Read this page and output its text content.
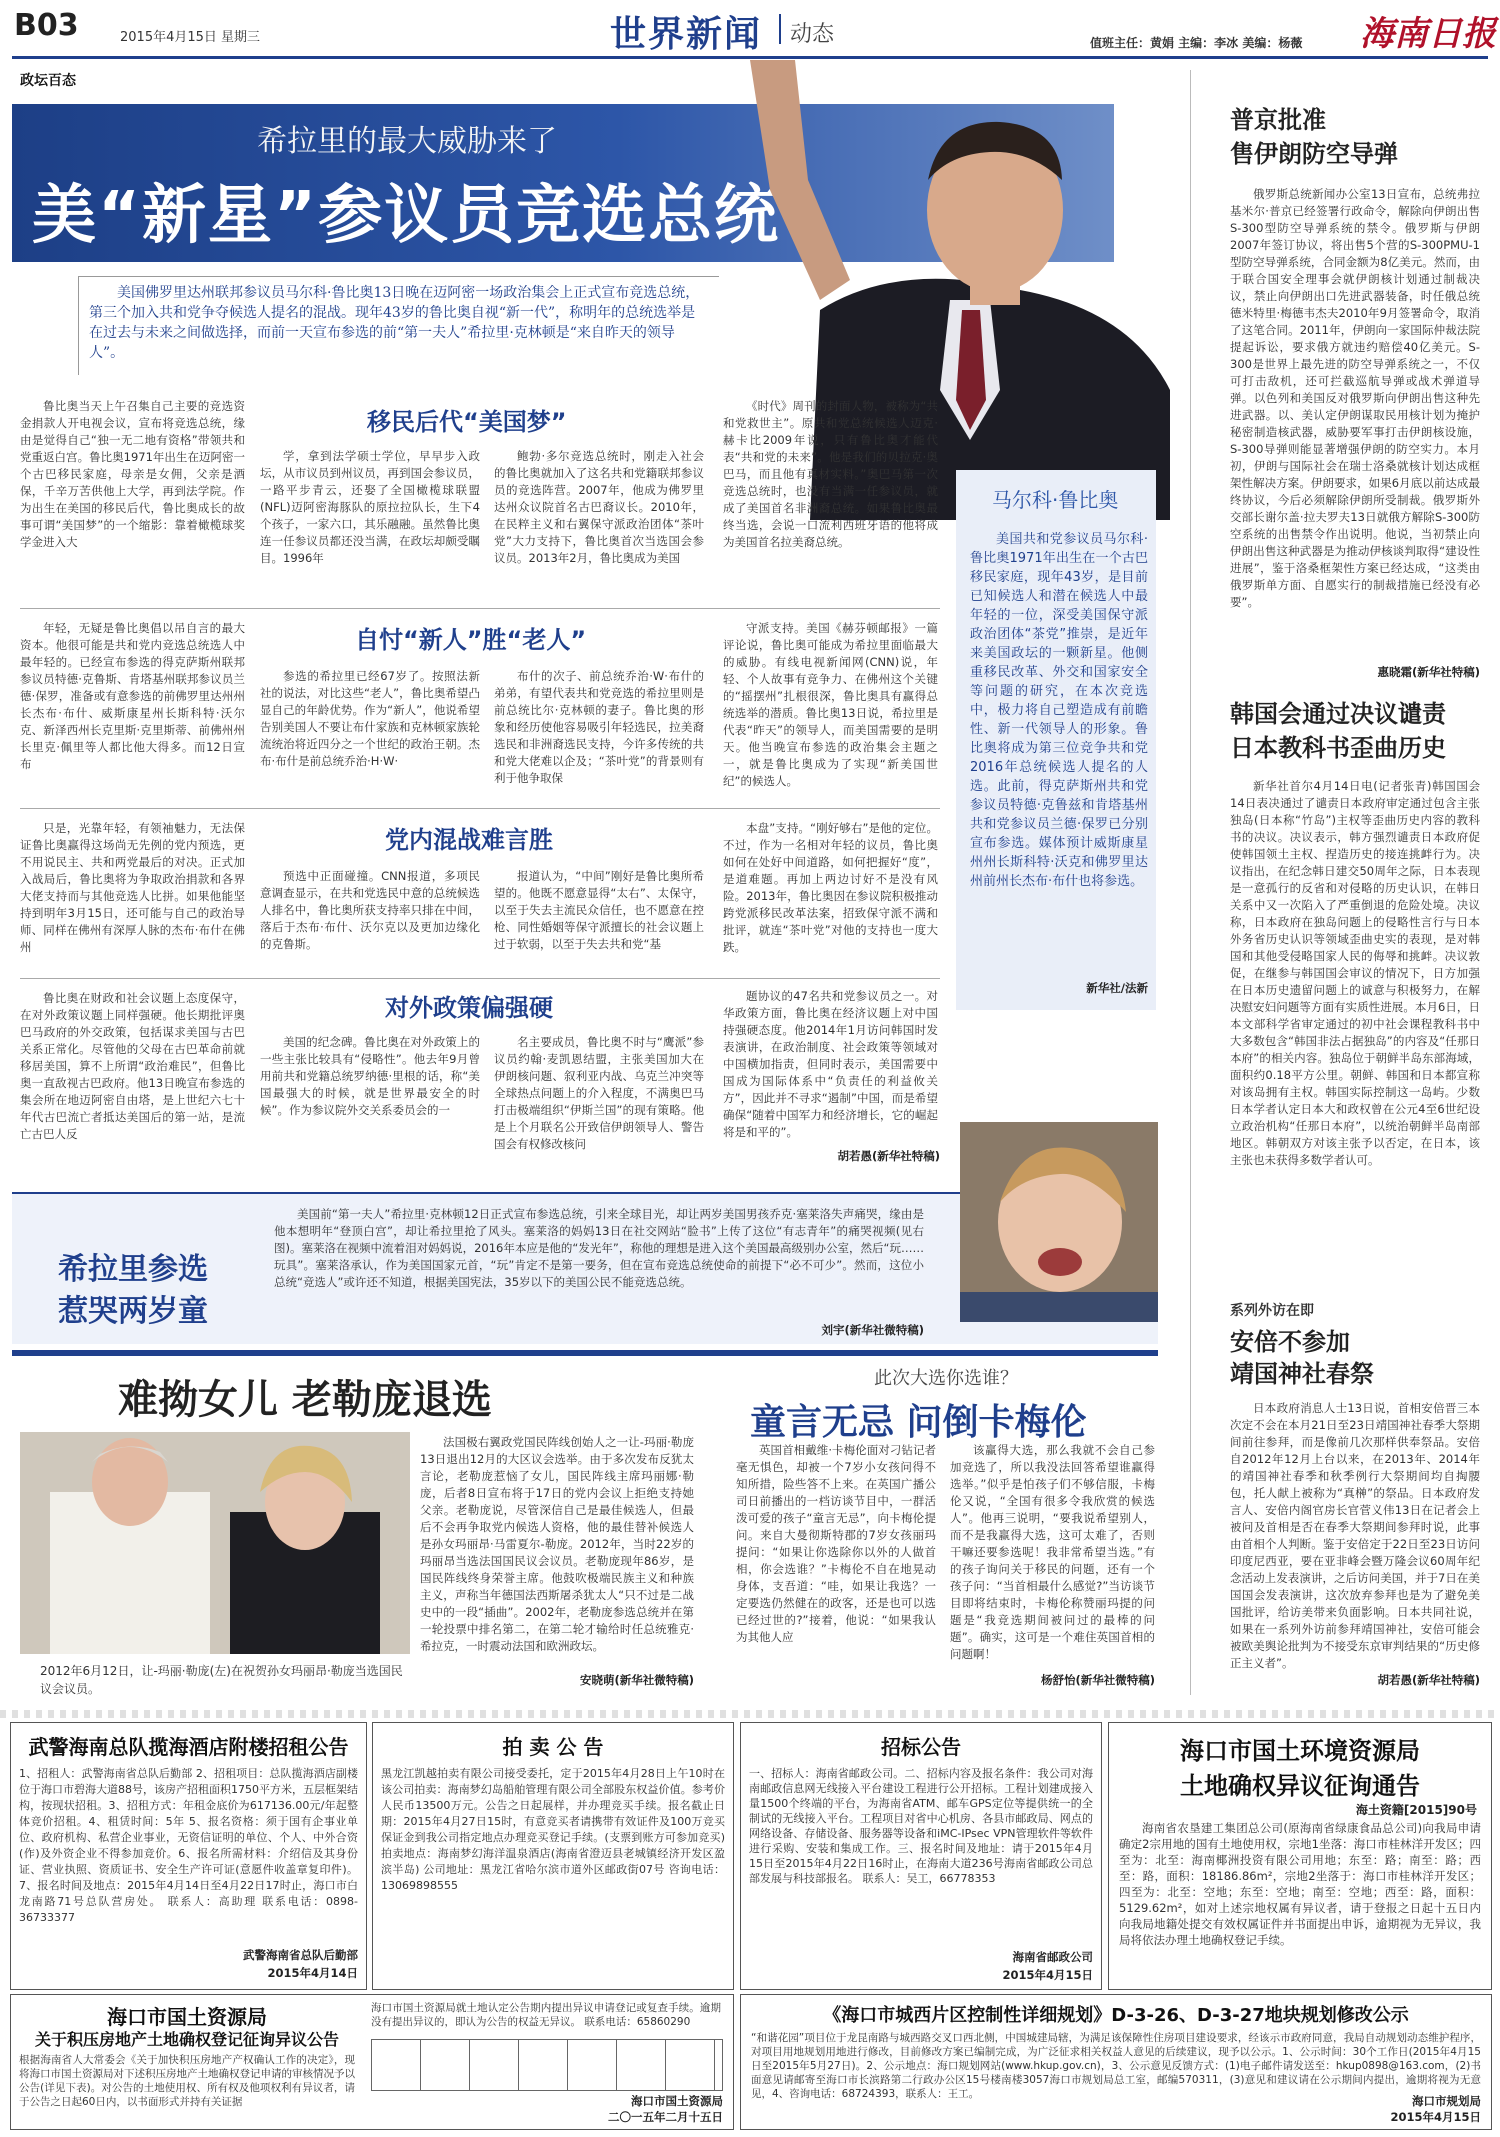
B03	2015年4月15日 星期三	世界新闻 动态	值班主任：黄娟 主编：李冰 美编：杨薇 海南日报
政坛百态
希拉里的最大威胁来了
美“新星”参议员竞选总统
美国佛罗里达州联邦参议员马尔科·鲁比奥13日晚在迈阿密一场政治集会上正式宣布竞选总统，第三个加入共和党争夺候选人提名的混战。现年43岁的鲁比奥自视“新一代”，称明年的总统选举是在过去与未来之间做选择，而前一天宣布参选的前“第一夫人”希拉里·克林顿是“来自昨天的领导人”。

鲁比奥当天上午召集自己主要的竞选资金捐款人开电视会议，宣布将竞选总统，缘由是觉得自己“独一无二地有资格”带领共和党重返白宫。鲁比奥1971年出生在迈阿密一个古巴移民家庭，母亲是女佣，父亲是酒保，千辛万苦供他上大学，再到法学院。作为出生在美国的移民后代，鲁比奥成长的故事可谓“美国梦”的一个缩影：靠着橄榄球奖学金进入大

移民后代“美国梦”

学，拿到法学硕士学位，早早步入政坛，从市议员到州议员，再到国会参议员，一路平步青云，还娶了全国橄榄球联盟(NFL)迈阿密海豚队的原拉拉队长，生下4个孩子，一家六口，其乐融融。虽然鲁比奥连一任参议员都还没当满，在政坛却颇受瞩目。1996年

鲍勃·多尔竞选总统时，刚走入社会的鲁比奥就加入了这名共和党籍联邦参议员的竞选阵营。2007年，他成为佛罗里达州众议院首名古巴裔议长。2010年，在民粹主义和右翼保守派政治团体“茶叶党”大力支持下，鲁比奥首次当选国会参议员。2013年2月，鲁比奥成为美国

《时代》周刊的封面人物，被称为“共和党救世主”。原共和党总统候选人迈克·赫卡比2009年说，只有鲁比奥才能代表“共和党的未来”。他是我们的贝拉克·奥巴马，而且他有真材实料。”奥巴马第一次竞选总统时，也没有当满一任参议员，就成了美国首名非洲裔总统。如果鲁比奥最终当选，会说一口流利西班牙语的他将成为美国首名拉美裔总统。

年轻，无疑是鲁比奥倡以吊自言的最大资本。他很可能是共和党内竞选总统选人中最年轻的。已经宣布参选的得克萨斯州联邦参议员特德·克鲁斯、肯塔基州联邦参议员兰德·保罗，准备或有意参选的前佛罗里达州州长杰布·布什、威斯康星州长斯科特·沃尔克、新泽西州长克里斯·克里斯蒂、前佛州州长里克·佩里等人都比他大得多。而12日宣布

自忖“新人”胜“老人”

参选的希拉里已经67岁了。按照法新社的说法，对比这些“老人”，鲁比奥希望凸显自己的年龄优势。作为“新人”，他说希望告别美国人不要让布什家族和克林顿家族轮流统治将近四分之一个世纪的政治王朝。杰布·布什是前总统乔治·H·W·

布什的次子、前总统乔治·W·布什的弟弟，有望代表共和党竞选的希拉里则是前总统比尔·克林顿的妻子。鲁比奥的形象和经历使他容易吸引年轻选民，拉美裔选民和非洲裔选民支持，今许多传统的共和党大佬难以企及；“茶叶党”的背景则有利于他争取保

守派支持。美国《赫芬顿邮报》一篇评论说，鲁比奥可能成为希拉里面临最大的威胁。有线电视新闻网(CNN)说，年轻、个人故事有竞争力、在佛州这个关键的“摇摆州”扎根很深，鲁比奥具有赢得总统选举的潜质。鲁比奥13日说，希拉里是代表“昨天”的领导人，而美国需要的是明天。他当晚宣布参选的政治集会主题之一，就是鲁比奥成为了实现“新美国世纪”的候选人。

只是，光靠年轻，有领袖魅力，无法保证鲁比奥赢得这场尚无先例的党内预选，更不用说民主、共和两党最后的对决。正式加入战局后，鲁比奥将为争取政治捐款和各界大佬支持而与其他竞选人比拼。如果他能坚持到明年3月15日，还可能与自己的政治导师、同样在佛州有深厚人脉的杰布·布什在佛州

党内混战难言胜

预选中正面碰撞。CNN报道，多项民意调查显示，在共和党选民中意的总统候选人排名中，鲁比奥所获支持率只排在中间，落后于杰布·布什、沃尔克以及更加边缘化的克鲁斯。

报道认为，“中间”刚好是鲁比奥所希望的。他既不愿意显得“太右”、太保守，以至于失去主流民众信任，也不愿意在控枪、同性婚姻等保守派擅长的社会议题上过于软弱，以至于失去共和党“基

本盘”支持。“刚好够右”是他的定位。不过，作为一名相对年轻的议员，鲁比奥如何在处好中间道路，如何把握好“度”，是道难题。再加上两边讨好不是没有风险。2013年，鲁比奥因在参议院积极推动跨党派移民改革法案，招致保守派不满和批评，就连“茶叶党”对他的支持也一度大跌。

鲁比奥在财政和社会议题上态度保守，在对外政策议题上同样强硬。他长期批评奥巴马政府的外交政策，包括谋求美国与古巴关系正常化。尽管他的父母在古巴革命前就移居美国，算不上所谓“政治难民”，但鲁比奥一直敌视古巴政府。他13日晚宣布参选的集会所在地迈阿密自由塔，是上世纪六七十年代古巴流亡者抵达美国后的第一站，是流亡古巴人反

对外政策偏强硬

美国的纪念碑。鲁比奥在对外政策上的一些主张比较具有“侵略性”。他去年9月曾用前共和党籍总统罗纳德·里根的话，称“美国最强大的时候，就是世界最安全的时候”。作为参议院外交关系委员会的一

名主要成员，鲁比奥不时与“鹰派”参议员约翰·麦凯恩结盟，主张美国加大在伊朗核问题、叙利亚内战、乌克兰冲突等全球热点问题上的介入程度，不满奥巴马打击极端组织“伊斯兰国”的现有策略。他是上个月联名公开致信伊朗领导人、警告国会有权修改核问

题协议的47名共和党参议员之一。对华政策方面，鲁比奥在经济议题上对中国持强硬态度。他2014年1月访问韩国时发表演讲，在政治制度、社会政策等领域对中国横加指责，但同时表示，美国需要中国成为国际体系中“负责任的利益攸关方”，因此并不寻求“遏制”中国，而是希望确保“随着中国军力和经济增长，它的崛起将是和平的”。

胡若愚(新华社特稿)
马尔科·鲁比奥
美国共和党参议员马尔科·鲁比奥1971年出生在一个古巴移民家庭，现年43岁，是目前已知候选人和潜在候选人中最年轻的一位，深受美国保守派政治团体“茶党”推崇，是近年来美国政坛的一颗新星。他侧重移民改革、外交和国家安全等问题的研究，在本次竞选中，极力将自己塑造成有前瞻性、新一代领导人的形象。鲁比奥将成为第三位竞争共和党2016年总统候选人提名的人选。此前，得克萨斯州共和党参议员特德·克鲁兹和肯塔基州共和党参议员兰德·保罗已分别宣布参选。媒体预计威斯康星州州长斯科特·沃克和佛罗里达州前州长杰布·布什也将参选。
新华社/法新
希拉里参选
惹哭两岁童
美国前“第一夫人”希拉里·克林顿12日正式宣布参选总统，引来全球目光，却让两岁美国男孩乔克·塞莱洛失声痛哭，缘由是他本想明年“登顶白宫”，却让希拉里抢了风头。塞莱洛的妈妈13日在社交网站“脸书”上传了这位“有志青年”的痛哭视频(见右图)。塞莱洛在视频中流着泪对妈妈说，2016年本应是他的“发光年”，称他的理想是进入这个美国最高级别办公室，然后“玩……玩具”。塞莱洛承认，作为美国国家元首，“玩”肯定不是第一要务，但在宣布竞选总统使命的前提下“必不可少”。然而，这位小总统“竞选人”或许还不知道，根据美国宪法，35岁以下的美国公民不能竞选总统。
刘宇(新华社微特稿)
难拗女儿 老勒庞退选
2012年6月12日，让-玛丽·勒庞(左)在祝贺孙女玛丽昂·勒庞当选国民议会议员。
法国极右翼政党国民阵线创始人之一让-玛丽·勒庞13日退出12月的大区议会选举。由于多次发布反犹太言论，老勒庞惹恼了女儿，国民阵线主席玛丽娜·勒庞，后者8日宣布将于17日的党内会议上拒绝支持她父亲。老勒庞说，尽管深信自己是最佳候选人，但最后不会再争取党内候选人资格，他的最佳替补候选人是孙女玛丽昂·马雷夏尔-勒庞。2012年，当时22岁的玛丽昂当选法国国民议会议员。老勒庞现年86岁，是国民阵线终身荣誉主席。他鼓吹极端民族主义和种族主义，声称当年德国法西斯屠杀犹太人“只不过是二战史中的一段“插曲”。2002年，老勒庞参选总统并在第一轮投票中排名第二，在第二轮才输给时任总统雅克·希拉克，一时震动法国和欧洲政坛。
安晓萌(新华社微特稿)
此次大选你选谁？
童言无忌 问倒卡梅伦
英国首相戴维·卡梅伦面对刁钻记者毫无惧色，却被一个7岁小女孩问得不知所措，险些答不上来。在英国广播公司日前播出的一档访谈节目中，一群活泼可爱的孩子“童言无忌”，向卡梅伦提问。来自大曼彻斯特郡的7岁女孩丽玛提问：“如果让你选除你以外的人做首相，你会选谁？”卡梅伦不自在地晃动身体，支吾道：“哇，如果让我选？一定要选仍然健在的政客，还是也可以选已经过世的?”接着，他说：“如果我认为其他人应
该赢得大选，那么我就不会自己参加竞选了，所以我没法回答希望谁赢得选举。”似乎是怕孩子们不够信服，卡梅伦又说，“全国有很多令我欣赏的候选人”。他再三说明，“要我说希望别人，而不是我赢得大选，这可太难了，否则干嘛还要参选呢！我非常希望当选。”有的孩子询问关于移民的问题，还有一个孩子问：“当首相最什么感觉?”当访谈节目即将结束时，卡梅伦称赞丽玛提的问题是“我竞选期间被问过的最棒的问题”。确实，这可是一个难住英国首相的问题啊！
杨舒怡(新华社微特稿)
普京批准
售伊朗防空导弹
俄罗斯总统新闻办公室13日宣布，总统弗拉基米尔·普京已经签署行政命令，解除向伊朗出售S-300型防空导弹系统的禁令。俄罗斯与伊朗2007年签订协议，将出售5个营的S-300PMU-1型防空导弹系统，合同金额为8亿美元。然而，由于联合国安全理事会就伊朗核计划通过制裁决议，禁止向伊朗出口先进武器装备，时任俄总统德米特里·梅德韦杰夫2010年9月签署命令，取消了这笔合同。2011年，伊朗向一家国际仲裁法院提起诉讼，要求俄方就违约赔偿40亿美元。S-300是世界上最先进的防空导弹系统之一，不仅可打击敌机，还可拦截巡航导弹或战术弹道导弹。以色列和美国反对俄罗斯向伊朗出售这种先进武器。以、美认定伊朗谋取民用核计划为掩护秘密制造核武器，威胁要军事打击伊朗核设施，S-300导弹则能显著增强伊朗的防空实力。本月初，伊朗与国际社会在瑞士洛桑就核计划达成框架性解决方案。伊朗要求，如果6月底以前达成最终协议，今后必须解除伊朗所受制裁。俄罗斯外交部长谢尔盖·拉夫罗夫13日就俄方解除S-300防空系统的出售禁令作出说明。他说，当初禁止向伊朗出售这种武器是为推动伊核谈判取得“建设性进展”，鉴于洛桑框架性方案已经达成，“这类由俄罗斯单方面、自愿实行的制裁措施已经没有必要”。
惠晓霜(新华社特稿)
韩国会通过决议谴责
日本教科书歪曲历史
新华社首尔4月14日电(记者张青)韩国国会14日表决通过了谴责日本政府审定通过包含主张独岛(日本称“竹岛”)主权等歪曲历史内容的教科书的决议。决议表示，韩方强烈谴责日本政府促使韩国领土主权、捏造历史的接连挑衅行为。决议指出，在纪念韩日建交50周年之际，日本表现是一意孤行的反省和对侵略的历史认识，在韩日关系中又一次陷入了严重倒退的危险处境。决议称，日本政府在独岛问题上的侵略性言行与日本外务省历史认识等领域歪曲史实的表现，是对韩国和其他受侵略国家人民的侮辱和挑衅。决议敦促，在继参与韩国国会审议的情况下，日方加强在日本历史遗留问题上的诚意与积极努力，在解决慰安妇问题等方面有实质性进展。本月6日，日本文部科学省审定通过的初中社会课程教科书中大多数包含“韩国非法占据独岛”的内容及“任那日本府”的相关内容。独岛位于朝鲜半岛东部海域，面积约0.18平方公里。朝鲜、韩国和日本都宣称对该岛拥有主权。韩国实际控制这一岛屿。少数日本学者认定日本大和政权曾在公元4至6世纪设立政治机构“任那日本府”，以统治朝鲜半岛南部地区。韩朝双方对该主张予以否定，在日本，该主张也未获得多数学者认可。
系列外访在即
安倍不参加
靖国神社春祭
日本政府消息人士13日说，首相安倍晋三本次定不会在本月21日至23日靖国神社春季大祭期间前往参拜，而是像前几次那样供奉祭品。安倍自2012年12月上台以来，在2013年、2014年的靖国神社春季和秋季例行大祭期间均自掏腰包，托人献上被称为“真榊”的祭品。日本政府发言人、安倍内阁官房长官菅义伟13日在记者会上被问及首相是否在春季大祭期间参拜时说，此事由首相个人判断。鉴于安倍定于22日至23日访问印度尼西亚，要在亚非峰会暨万隆会议60周年纪念活动上发表演讲，之后访问美国，并于7日在美国国会发表演讲，这次放弃参拜也是为了避免美国批评，给访美带来负面影响。日本共同社说，如果在一系列外访前参拜靖国神社，安倍可能会被欧美舆论批判为不接受东京审判结果的“历史修正主义者”。
胡若愚(新华社特稿)
武警海南总队揽海酒店附楼招租公告
1、招租人：武警海南省总队后勤部 2、招租项目：总队揽海酒店副楼位于海口市碧海大道88号，该房产招租面积1750平方米，五层框架结构，按现状招租。3、招租方式：年租金底价为617136.00元/年起整体竞价招租。4、租赁时间：5年 5、报名资格：须于国有企事业单位、政府机构、私营企业事业，无资信证明的单位、个人、中外合资(作)及外资企业不得参加竞价。6、报名所需材料：介绍信及其身份证、营业执照、资质证书、安全生产许可证(意愿件收盖章复印件)。7、报名时间及地点：2015年4月14日至4月22日17时止，海口市白龙南路71号总队营房处。 联系人：高助理 联系电话：0898-36733377
武警海南省总队后勤部
2015年4月14日
拍 卖 公 告
黑龙江凯越拍卖有限公司接受委托，定于2015年4月28日上午10时在该公司拍卖：海南梦幻岛船舶管理有限公司全部股东权益价值。参考价人民币13500万元。公告之日起展样，并办理竞买手续。报名截止日期：2015年4月27日15时，有意竞买者请携带有效证件及100万竞买保证金到我公司指定地点办理竞买登记手续。(支票到账方可参加竞买) 拍卖地点：海南梦幻海洋温泉酒店(海南省澄迈县老城镇经济开发区盈滨半岛) 公司地址：黑龙江省哈尔滨市道外区邮政街07号 咨询电话：13069898555
招标公告
一、招标人：海南省邮政公司。二、招标内容及报名条件：我公司对海南邮政信息网无线接入平台建设工程进行公开招标。工程计划建成接入量1500个终端的平台，为海南省ATM、邮车GPS定位等提供统一的全制试的无线接入平台。工程项目对省中心机房、各县市邮政局、网点的网络设备、存储设备、服务器等设备和iMC-IPsec VPN管理软件等软件进行采购、安装和集成工作。三、报名时间及地址：请于2015年4月15日至2015年4月22日16时止，在海南大道236号海南省邮政公司总部发展与科技部报名。 联系人：吴工，66778353
海南省邮政公司
2015年4月15日
海口市国土环境资源局
土地确权异议征询通告
海土资籍[2015]90号
海南省农垦建工集团总公司(原海南省绿康食品总公司)向我局申请确定2宗用地的国有土地使用权，宗地1坐落：海口市桂林洋开发区；四至为：北至：海南椰洲投资有限公司用地；东至：路；南至：路；西至：路，面积：18186.86m²，宗地2坐落于：海口市桂林洋开发区；四至为：北至：空地；东至：空地；南至：空地；西至：路，面积：5129.62m²，如对上述宗地权属有异议者，请于登报之日起十五日内向我局地籍处提交有效权属证件并书面提出申诉，逾期视为无异议，我局将依法办理土地确权登记手续。
海口市国土资源局
关于积压房地产土地确权登记征询异议公告
根据海南省人大常委会《关于加快积压房地产产权确认工作的决定》，现将海口市国土资源局对下述积压房地产土地确权登记申请的审核情况予以公告(详见下表)。对公告的土地使用权、所有权及他项权利有异议者，请于公告之日起60日内，以书面形式并持有关证据
海口市国土资源局就土地认定公告期内提出异议申请登记或复查手续。逾期没有提出异议的，即认为公告的权益无异议。 联系电话：65860290
海口市国土资源局
二〇一五年二月十五日
《海口市城西片区控制性详细规划》D-3-26、D-3-27地块规划修改公示
“和谐花园”项目位于龙昆南路与城西路交叉口西北侧，中国城建局辖，为满足该保障性住房项目建设要求，经该示市政府同意，我局自动规划动态维护程序，对项目用地规划用地进行修改，目前修改方案已编制完成，为广泛征求相关权益人意见的后续建议，现予以公示。1、公示时间：30个工作日(2015年4月15日至2015年5月27日)。2、公示地点：海口规划网站(www.hkup.gov.cn)，3、公示意见反馈方式：(1)电子邮件请发送至：hkup0898@163.com，(2)书面意见请邮寄至海口市长滨路第二行政办公区15号楼南楼3057海口市规划局总工室，邮编570311，(3)意见和建议请在公示期间内提出，逾期将视为无意见，4、咨询电话：68724393，联系人：王工。	海口市规划局
2015年4月15日
